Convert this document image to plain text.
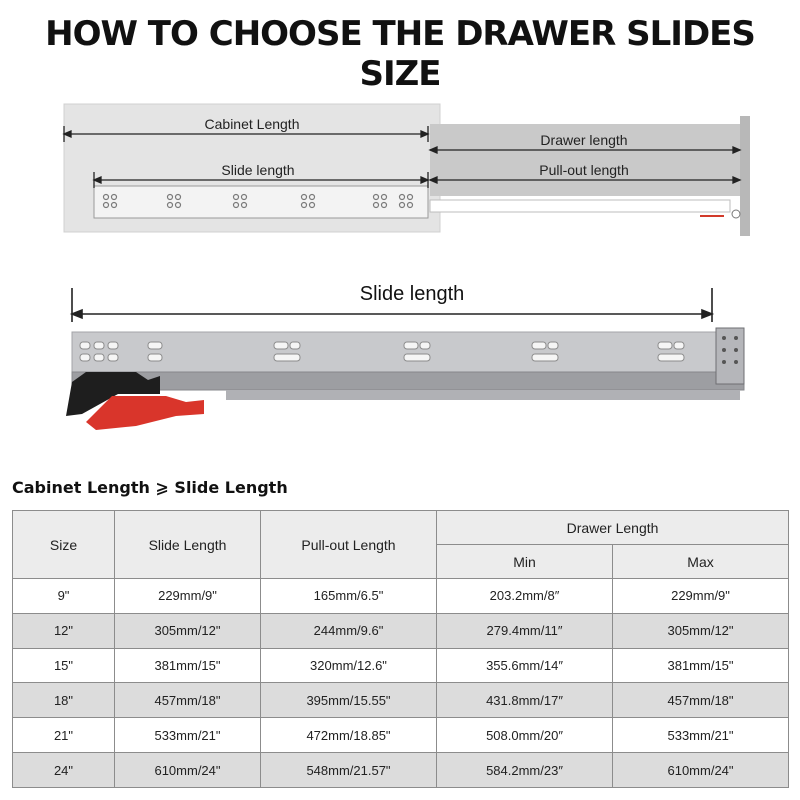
HOW TO CHOOSE THE DRAWER SLIDES SIZE
Cabinet Length
Slide length
Drawer length
Pull-out length
Slide length
Cabinet Length ⩾ Slide Length
Size	Slide Length	Pull-out Length	Drawer Length	
			Min	Max
9"	229mm/9"	165mm/6.5"	203.2mm/8″	229mm/9"
12"	305mm/12"	244mm/9.6"	279.4mm/11″	305mm/12"
15"	381mm/15"	320mm/12.6"	355.6mm/14″	381mm/15"
18"	457mm/18"	395mm/15.55"	431.8mm/17″	457mm/18"
21"	533mm/21"	472mm/18.85"	508.0mm/20″	533mm/21"
24"	610mm/24"	548mm/21.57"	584.2mm/23″	610mm/24"
